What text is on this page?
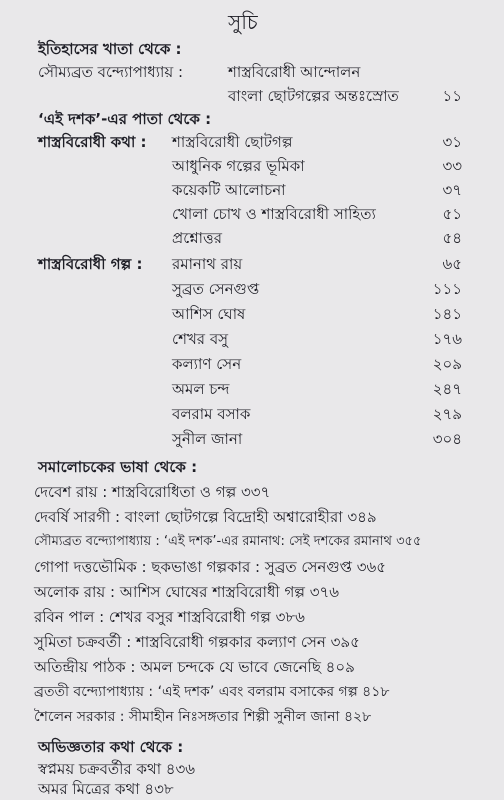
সুচি
ইতিহাসের খাতা থেকে :
সৌম্যব্রত বন্দ্যোপাধ্যায় :	শাস্ত্রবিরোধী আন্দোলন
বাংলা ছোটগল্পের অন্তঃস্রোত	১১
‘এই দশক’-এর পাতা থেকে :
শাস্ত্রবিরোধী কথা : শাস্ত্রবিরোধী ছোটগল্প	৩১
আধুনিক গল্পের ভূমিকা	৩৩
কয়েকটি আলোচনা	৩৭
খোলা চোখ ও শাস্ত্রবিরোধী সাহিত্য	৫১
প্রশ্নোত্তর	৫৪
শাস্ত্রবিরোধী গল্প : রমানাথ রায়	৬৫
সুব্রত সেনগুপ্ত	১১১
আশিস ঘোষ	১৪১
শেখর বসু	১৭৬
কল্যাণ সেন	২০৯
অমল চন্দ	২৪৭
বলরাম বসাক	২৭৯
সুনীল জানা	৩০৪
সমালোচকের ভাষা থেকে :
দেবেশ রায় : শাস্ত্রবিরোধিতা ও গল্প ৩৩৭
দেবর্ষি সারগী : বাংলা ছোটগল্পে বিদ্রোহী অশ্বারোহীরা ৩৪৯
সৌম্যব্রত বন্দ্যোপাধ্যায় : ‘এই দশক’-এর রমানাথ: সেই দশকের রমানাথ ৩৫৫
গোপা দত্তভৌমিক : ছকভাঙা গল্পকার : সুব্রত সেনগুপ্ত ৩৬৫
অলোক রায় : আশিস ঘোষের শাস্ত্রবিরোধী গল্প ৩৭৬
রবিন পাল : শেখর বসুর শাস্ত্রবিরোধী গল্প ৩৮৬
সুমিতা চক্রবর্তী : শাস্ত্রবিরোধী গল্পকার কল্যাণ সেন ৩৯৫
অতিন্দ্রীয় পাঠক : অমল চন্দকে যে ভাবে জেনেছি ৪০৯
ব্রততী বন্দ্যোপাধ্যায় : ‘এই দশক’ এবং বলরাম বসাকের গল্প ৪১৮
শৈলেন সরকার : সীমাহীন নিঃসঙ্গতার শিল্পী সুনীল জানা ৪২৮
অভিজ্ঞতার কথা থেকে :
স্বপ্নময় চক্রবর্তীর কথা ৪৩৬
অমর মিত্রের কথা ৪৩৮
